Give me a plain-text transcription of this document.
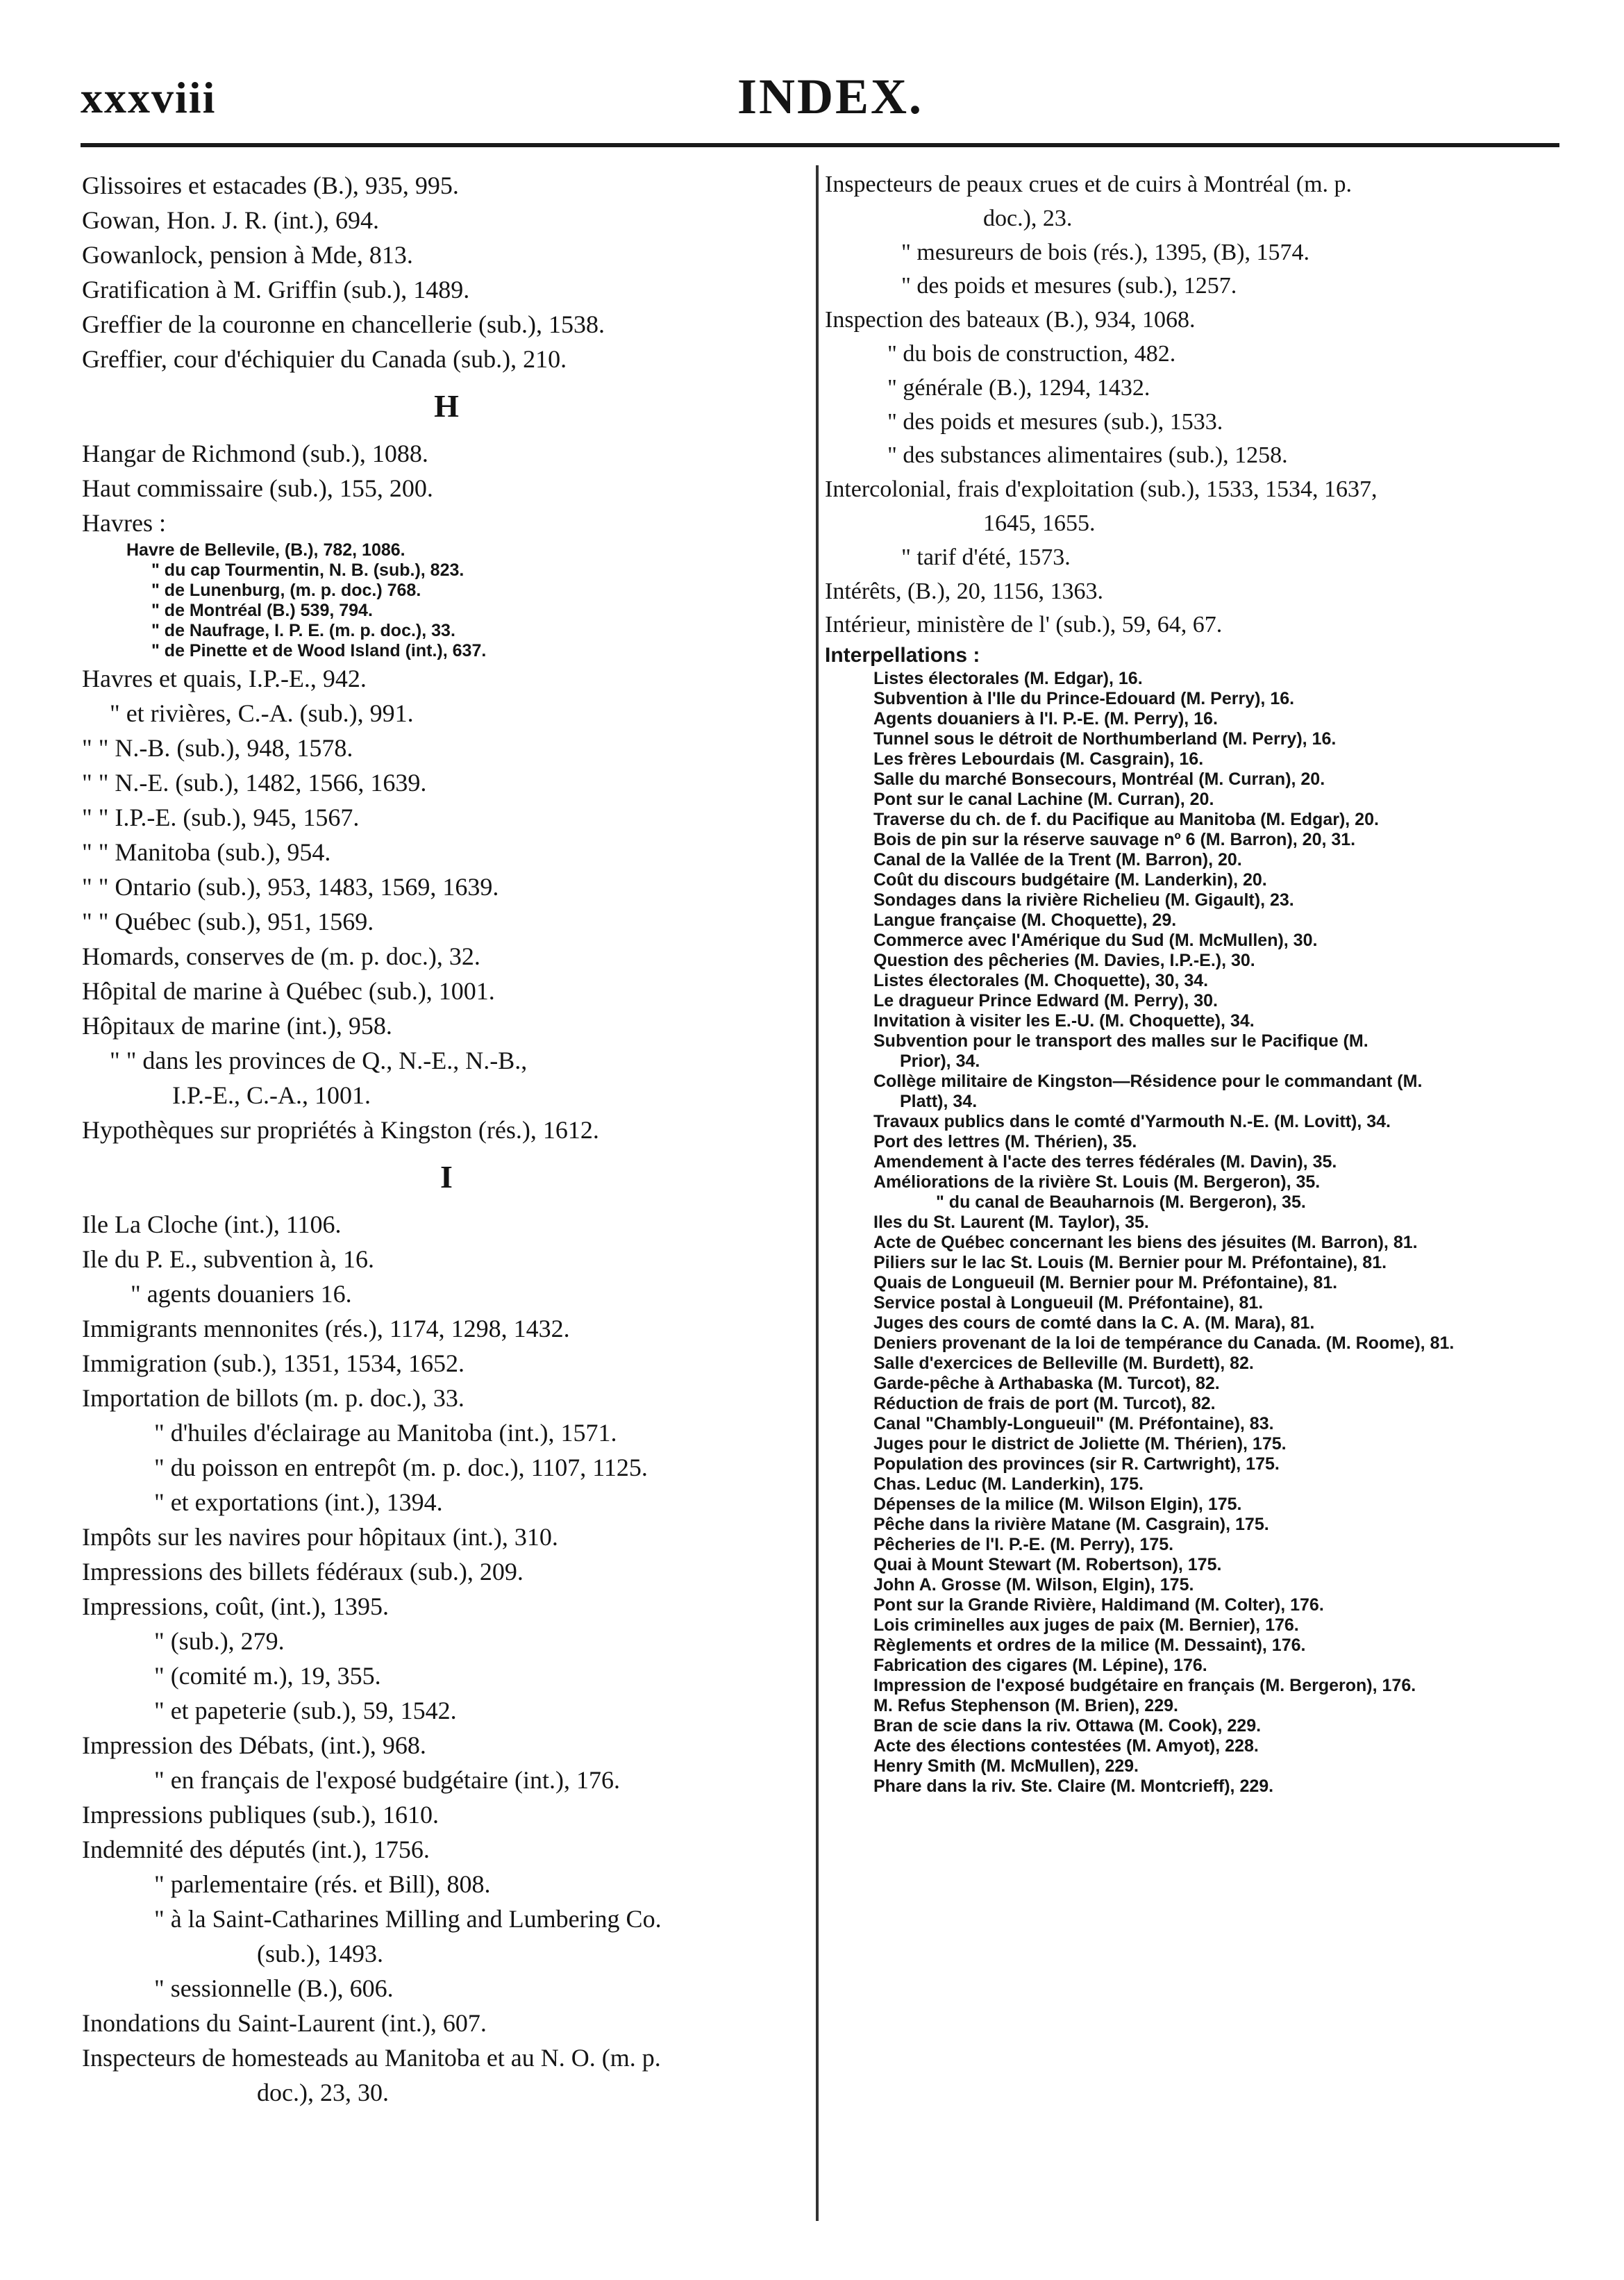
xxxviii	INDEX.
Glissoires et estacades (B.), 935, 995.
Gowan, Hon. J. R. (int.), 694.
Gowanlock, pension à Mde, 813.
Gratification à M. Griffin (sub.), 1489.
Greffier de la couronne en chancellerie (sub.), 1538.
Greffier, cour d'échiquier du Canada (sub.), 210.
H
Hangar de Richmond (sub.), 1088.
Haut commissaire (sub.), 155, 200.
Havres :
Havre de Bellevile, (B.), 782, 1086.
" du cap Tourmentin, N. B. (sub.), 823.
" de Lunenburg, (m. p. doc.) 768.
" de Montréal (B.) 539, 794.
" de Naufrage, I. P. E. (m. p. doc.), 33.
" de Pinette et de Wood Island (int.), 637.
Havres et quais, I.P.-E., 942.
" et rivières, C.-A. (sub.), 991.
" " N.-B. (sub.), 948, 1578.
" " N.-E. (sub.), 1482, 1566, 1639.
" " I.P.-E. (sub.), 945, 1567.
" " Manitoba (sub.), 954.
" " Ontario (sub.), 953, 1483, 1569, 1639.
" " Québec (sub.), 951, 1569.
Homards, conserves de (m. p. doc.), 32.
Hôpital de marine à Québec (sub.), 1001.
Hôpitaux de marine (int.), 958.
" " dans les provinces de Q., N.-E., N.-B.,
I.P.-E., C.-A., 1001.
Hypothèques sur propriétés à Kingston (rés.), 1612.
I
Ile La Cloche (int.), 1106.
Ile du P. E., subvention à, 16.
" agents douaniers 16.
Immigrants mennonites (rés.), 1174, 1298, 1432.
Immigration (sub.), 1351, 1534, 1652.
Importation de billots (m. p. doc.), 33.
" d'huiles d'éclairage au Manitoba (int.), 1571.
" du poisson en entrepôt (m. p. doc.), 1107, 1125.
" et exportations (int.), 1394.
Impôts sur les navires pour hôpitaux (int.), 310.
Impressions des billets fédéraux (sub.), 209.
Impressions, coût, (int.), 1395.
" (sub.), 279.
" (comité m.), 19, 355.
" et papeterie (sub.), 59, 1542.
Impression des Débats, (int.), 968.
" en français de l'exposé budgétaire (int.), 176.
Impressions publiques (sub.), 1610.
Indemnité des députés (int.), 1756.
" parlementaire (rés. et Bill), 808.
" à la Saint-Catharines Milling and Lumbering Co.
(sub.), 1493.
" sessionnelle (B.), 606.
Inondations du Saint-Laurent (int.), 607.
Inspecteurs de homesteads au Manitoba et au N. O. (m. p.
doc.), 23, 30.
Inspecteurs de peaux crues et de cuirs à Montréal (m. p.
doc.), 23.
" mesureurs de bois (rés.), 1395, (B), 1574.
" des poids et mesures (sub.), 1257.
Inspection des bateaux (B.), 934, 1068.
" du bois de construction, 482.
" générale (B.), 1294, 1432.
" des poids et mesures (sub.), 1533.
" des substances alimentaires (sub.), 1258.
Intercolonial, frais d'exploitation (sub.), 1533, 1534, 1637,
1645, 1655.
" tarif d'été, 1573.
Intérêts, (B.), 20, 1156, 1363.
Intérieur, ministère de l' (sub.), 59, 64, 67.
Interpellations :
Listes électorales (M. Edgar), 16.
Subvention à l'Ile du Prince-Edouard (M. Perry), 16.
Agents douaniers à l'I. P.-E. (M. Perry), 16.
Tunnel sous le détroit de Northumberland (M. Perry), 16.
Les frères Lebourdais (M. Casgrain), 16.
Salle du marché Bonsecours, Montréal (M. Curran), 20.
Pont sur le canal Lachine (M. Curran), 20.
Traverse du ch. de f. du Pacifique au Manitoba (M. Edgar), 20.
Bois de pin sur la réserve sauvage nº 6 (M. Barron), 20, 31.
Canal de la Vallée de la Trent (M. Barron), 20.
Coût du discours budgétaire (M. Landerkin), 20.
Sondages dans la rivière Richelieu (M. Gigault), 23.
Langue française (M. Choquette), 29.
Commerce avec l'Amérique du Sud (M. McMullen), 30.
Question des pêcheries (M. Davies, I.P.-E.), 30.
Listes électorales (M. Choquette), 30, 34.
Le dragueur Prince Edward (M. Perry), 30.
Invitation à visiter les E.-U. (M. Choquette), 34.
Subvention pour le transport des malles sur le Pacifique (M.
Prior), 34.
Collège militaire de Kingston—Résidence pour le commandant (M.
Platt), 34.
Travaux publics dans le comté d'Yarmouth N.-E. (M. Lovitt), 34.
Port des lettres (M. Thérien), 35.
Amendement à l'acte des terres fédérales (M. Davin), 35.
Améliorations de la rivière St. Louis (M. Bergeron), 35.
" du canal de Beauharnois (M. Bergeron), 35.
Iles du St. Laurent (M. Taylor), 35.
Acte de Québec concernant les biens des jésuites (M. Barron), 81.
Piliers sur le lac St. Louis (M. Bernier pour M. Préfontaine), 81.
Quais de Longueuil (M. Bernier pour M. Préfontaine), 81.
Service postal à Longueuil (M. Préfontaine), 81.
Juges des cours de comté dans la C. A. (M. Mara), 81.
Deniers provenant de la loi de tempérance du Canada. (M. Roome), 81.
Salle d'exercices de Belleville (M. Burdett), 82.
Garde-pêche à Arthabaska (M. Turcot), 82.
Réduction de frais de port (M. Turcot), 82.
Canal "Chambly-Longueuil" (M. Préfontaine), 83.
Juges pour le district de Joliette (M. Thérien), 175.
Population des provinces (sir R. Cartwright), 175.
Chas. Leduc (M. Landerkin), 175.
Dépenses de la milice (M. Wilson Elgin), 175.
Pêche dans la rivière Matane (M. Casgrain), 175.
Pêcheries de l'I. P.-E. (M. Perry), 175.
Quai à Mount Stewart (M. Robertson), 175.
John A. Grosse (M. Wilson, Elgin), 175.
Pont sur la Grande Rivière, Haldimand (M. Colter), 176.
Lois criminelles aux juges de paix (M. Bernier), 176.
Règlements et ordres de la milice (M. Dessaint), 176.
Fabrication des cigares (M. Lépine), 176.
Impression de l'exposé budgétaire en français (M. Bergeron), 176.
M. Refus Stephenson (M. Brien), 229.
Bran de scie dans la riv. Ottawa (M. Cook), 229.
Acte des élections contestées (M. Amyot), 228.
Henry Smith (M. McMullen), 229.
Phare dans la riv. Ste. Claire (M. Montcrieff), 229.
